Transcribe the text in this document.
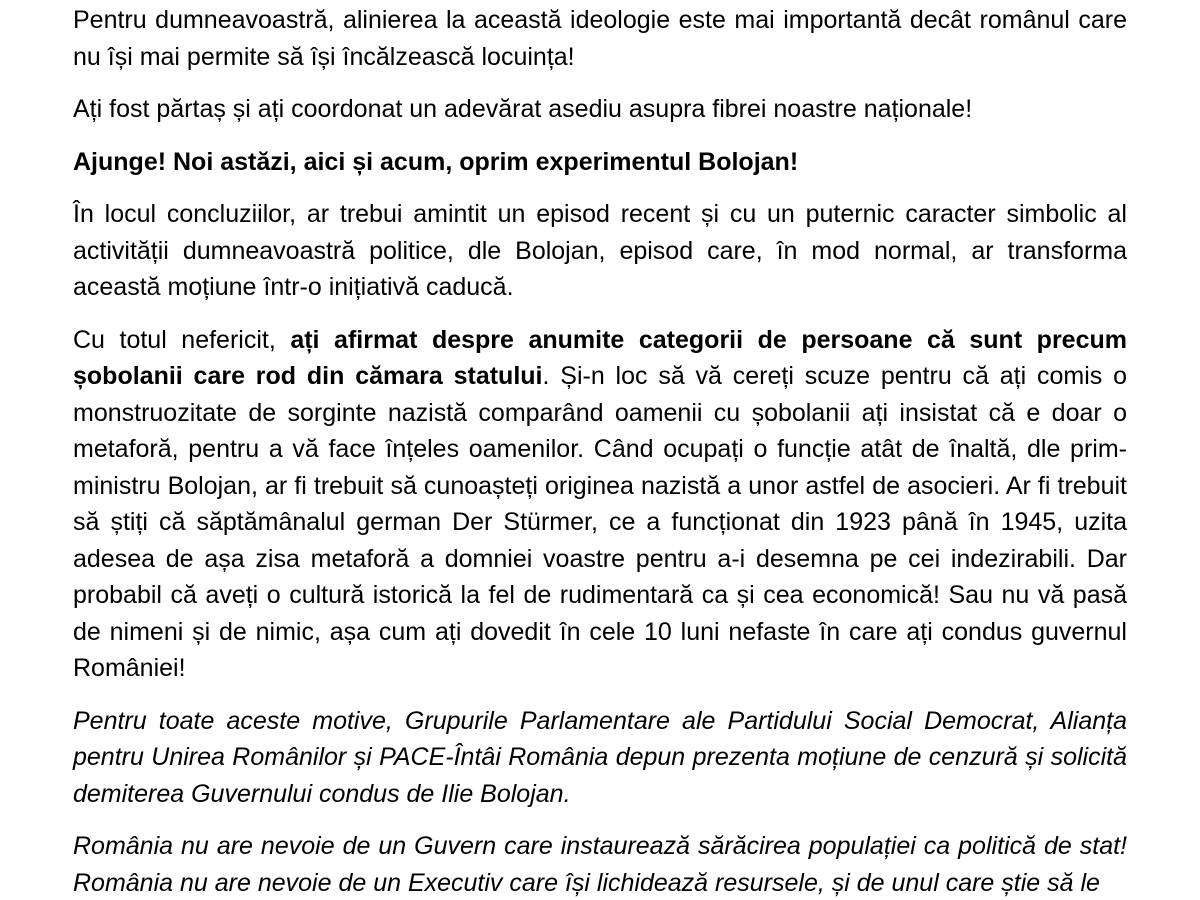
Pentru dumneavoastră, alinierea la această ideologie este mai importantă decât românul care nu își mai permite să își încălzească locuința!

Ați fost părtaș și ați coordonat un adevărat asediu asupra fibrei noastre naționale!

Ajunge! Noi astăzi, aici și acum, oprim experimentul Bolojan!

În locul concluziilor, ar trebui amintit un episod recent și cu un puternic caracter simbolic al activității dumneavoastră politice, dle Bolojan, episod care, în mod normal, ar transforma această moțiune într-o inițiativă caducă.

Cu totul nefericit, ați afirmat despre anumite categorii de persoane că sunt precum șobolanii care rod din cămara statului. Și-n loc să vă cereți scuze pentru că ați comis o monstruozitate de sorginte nazistă comparând oamenii cu șobolanii ați insistat că e doar o metaforă, pentru a vă face înțeles oamenilor. Când ocupați o funcție atât de înaltă, dle prim-ministru Bolojan, ar fi trebuit să cunoașteți originea nazistă a unor astfel de asocieri. Ar fi trebuit să știți că săptămânalul german Der Stürmer, ce a funcționat din 1923 până în 1945, uzita adesea de așa zisa metaforă a domniei voastre pentru a-i desemna pe cei indezirabili. Dar probabil că aveți o cultură istorică la fel de rudimentară ca și cea economică! Sau nu vă pasă de nimeni și de nimic, așa cum ați dovedit în cele 10 luni nefaste în care ați condus guvernul României!

Pentru toate aceste motive, Grupurile Parlamentare ale Partidului Social Democrat, Alianța pentru Unirea Românilor și PACE-Întâi România depun prezenta moțiune de cenzură și solicită demiterea Guvernului condus de Ilie Bolojan.

România nu are nevoie de un Guvern care instaurează sărăcirea populației ca politică de stat! România nu are nevoie de un Executiv care își lichidează resursele, și de unul care știe să le
